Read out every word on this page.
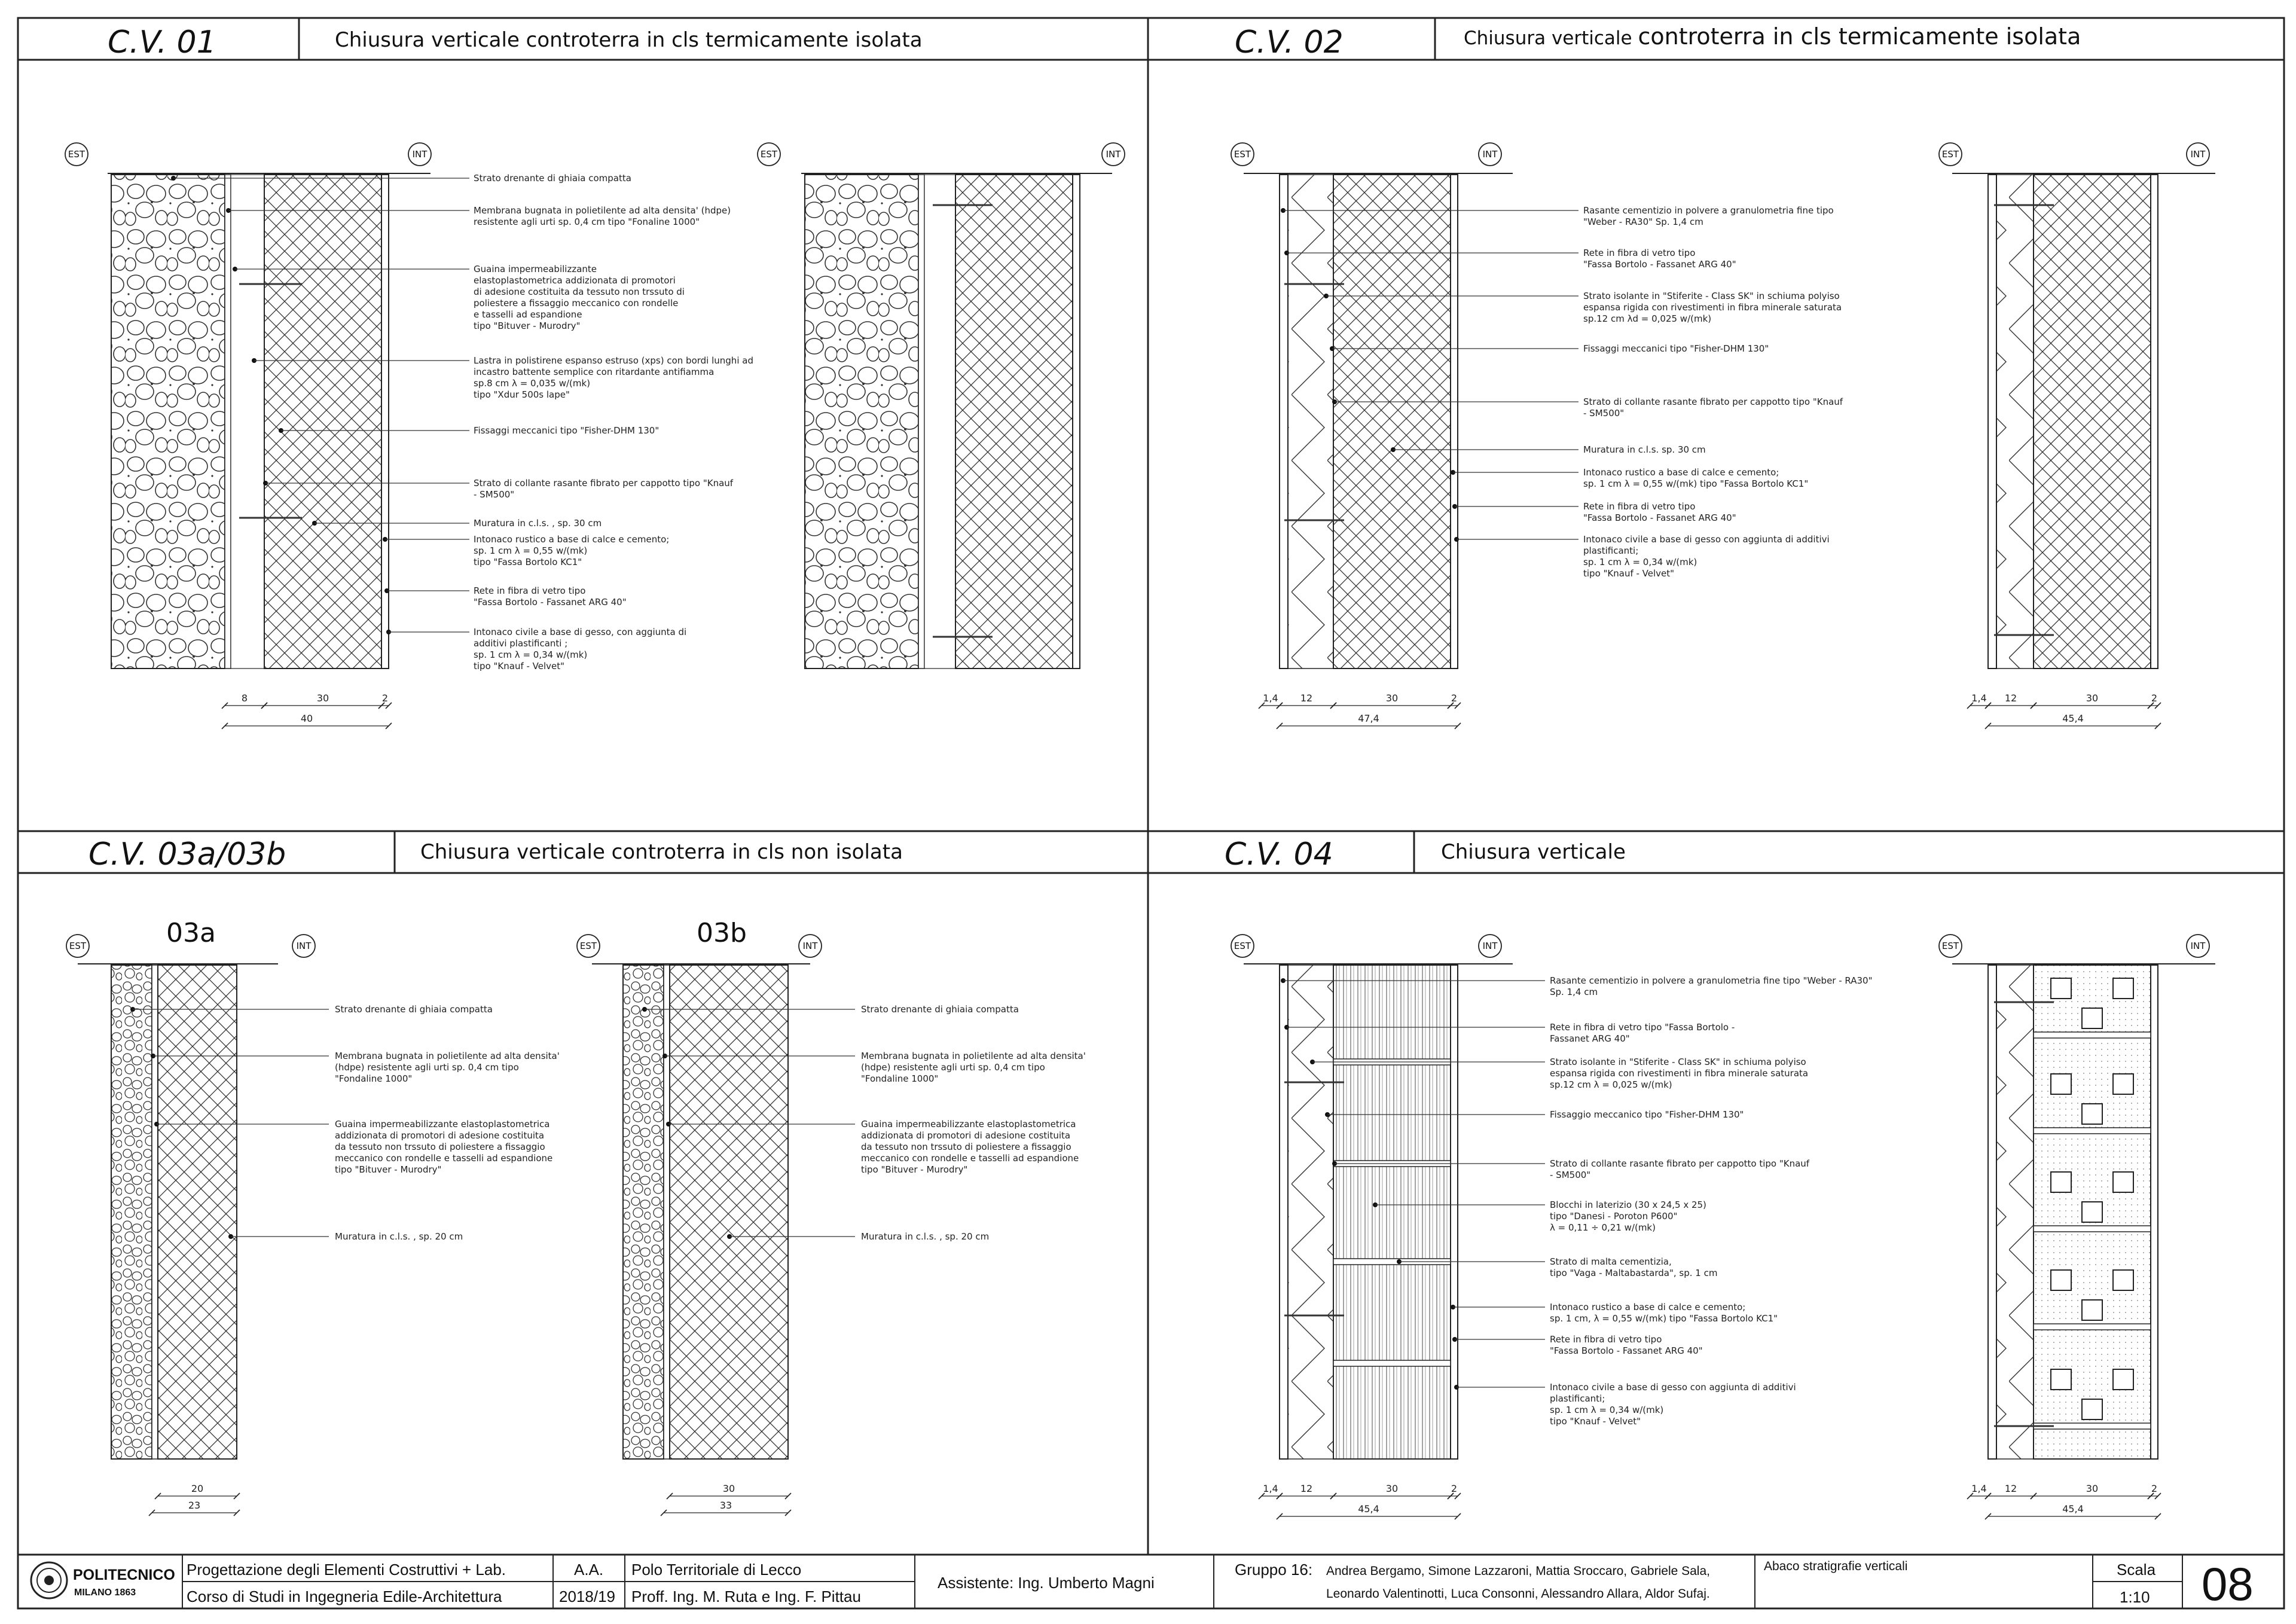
C.V. 01	Chiusura verticale controterra in cls termicamente isolata
EST	INT	EST	INT
Strato drenante di ghiaia compatta
Membrana bugnata in polietilente ad alta densita' (hdpe)
resistente agli urti sp. 0,4 cm tipo "Fonaline 1000"
Guaina impermeabilizzante
elastoplastometrica addizionata di promotori
di adesione costituita da tessuto non trssuto di
poliestere a fissaggio meccanico con rondelle
e tasselli ad espandione
tipo "Bituver - Murodry"
Lastra in polistirene espanso estruso (xps) con bordi lunghi ad
incastro battente semplice con ritardante antifiamma
sp.8 cm λ = 0,035 w/(mk)
tipo "Xdur 500s lape"
Fissaggi meccanici tipo "Fisher-DHM 130"
Strato di collante rasante fibrato per cappotto tipo "Knauf
- SM500"
Muratura in c.l.s. , sp. 30 cm
Intonaco rustico a base di calce e cemento;
sp. 1 cm λ = 0,55 w/(mk)
tipo "Fassa Bortolo KC1"
Rete in fibra di vetro tipo
"Fassa Bortolo - Fassanet ARG 40"
Intonaco civile a base di gesso, con aggiunta di
additivi plastificanti ;
sp. 1 cm λ = 0,34 w/(mk)
tipo "Knauf - Velvet"
8	30	2
40
C.V. 02	Chiusura verticale controterra in cls termicamente isolata
EST	INT	EST	INT
Rasante cementizio in polvere a granulometria fine tipo
"Weber - RA30" Sp. 1,4 cm
Rete in fibra di vetro tipo
"Fassa Bortolo - Fassanet ARG 40"
Strato isolante in "Stiferite - Class SK" in schiuma polyiso
espansa rigida con rivestimenti in fibra minerale saturata
sp.12 cm λd = 0,025 w/(mk)
Fissaggi meccanici tipo "Fisher-DHM 130"
Strato di collante rasante fibrato per cappotto tipo "Knauf
- SM500"
Muratura in c.l.s. sp. 30 cm
Intonaco rustico a base di calce e cemento;
sp. 1 cm λ = 0,55 w/(mk) tipo "Fassa Bortolo KC1"
Rete in fibra di vetro tipo
"Fassa Bortolo - Fassanet ARG 40"
Intonaco civile a base di gesso con aggiunta di additivi
plastificanti;
sp. 1 cm λ = 0,34 w/(mk)
tipo "Knauf - Velvet"
1,4 12	30	2
47,4
1,4 12	30	2
45,4
C.V. 03a/03b	Chiusura verticale controterra in cls non isolata
03a	03b
EST	INT	EST	INT
Strato drenante di ghiaia compatta
Membrana bugnata in polietilente ad alta densita'
(hdpe) resistente agli urti sp. 0,4 cm tipo
"Fondaline 1000"
Guaina impermeabilizzante elastoplastometrica
addizionata di promotori di adesione costituita
da tessuto non trssuto di poliestere a fissaggio
meccanico con rondelle e tasselli ad espandione
tipo "Bituver - Murodry"
Muratura in c.l.s. , sp. 20 cm
Strato drenante di ghiaia compatta
Membrana bugnata in polietilente ad alta densita'
(hdpe) resistente agli urti sp. 0,4 cm tipo
"Fondaline 1000"
Guaina impermeabilizzante elastoplastometrica
addizionata di promotori di adesione costituita
da tessuto non trssuto di poliestere a fissaggio
meccanico con rondelle e tasselli ad espandione
tipo "Bituver - Murodry"
Muratura in c.l.s. , sp. 20 cm
20
23
30
33
C.V. 04	Chiusura verticale
EST	INT	EST	INT
Rasante cementizio in polvere a granulometria fine tipo "Weber - RA30"
Sp. 1,4 cm
Rete in fibra di vetro tipo "Fassa Bortolo -
Fassanet ARG 40"
Strato isolante in "Stiferite - Class SK" in schiuma polyiso
espansa rigida con rivestimenti in fibra minerale saturata
sp.12 cm λ = 0,025 w/(mk)
Fissaggio meccanico tipo "Fisher-DHM 130"
Strato di collante rasante fibrato per cappotto tipo "Knauf
- SM500"
Blocchi in laterizio (30 x 24,5 x 25)
tipo "Danesi - Poroton P600"
λ = 0,11 ÷ 0,21 w/(mk)
Strato di malta cementizia,
tipo "Vaga - Maltabastarda", sp. 1 cm
Intonaco rustico a base di calce e cemento;
sp. 1 cm, λ = 0,55 w/(mk) tipo "Fassa Bortolo KC1"
Rete in fibra di vetro tipo
"Fassa Bortolo - Fassanet ARG 40"
Intonaco civile a base di gesso con aggiunta di additivi
plastificanti;
sp. 1 cm λ = 0,34 w/(mk)
tipo "Knauf - Velvet"
1,4 12	30	2
45,4
1,4 12	30	2
45,4
POLITECNICO
MILANO 1863
Progettazione degli Elementi Costruttivi + Lab.
Corso di Studi in Ingegneria Edile-Architettura
A.A.
2018/19
Polo Territoriale di Lecco
Proff. Ing. M. Ruta e Ing. F. Pittau
Assistente: Ing. Umberto Magni
Gruppo 16: Andrea Bergamo, Simone Lazzaroni, Mattia Sroccaro, Gabriele Sala,
Leonardo Valentinotti, Luca Consonni, Alessandro Allara, Aldor Sufaj.
Abaco stratigrafie verticali	Scala
1:10 08
